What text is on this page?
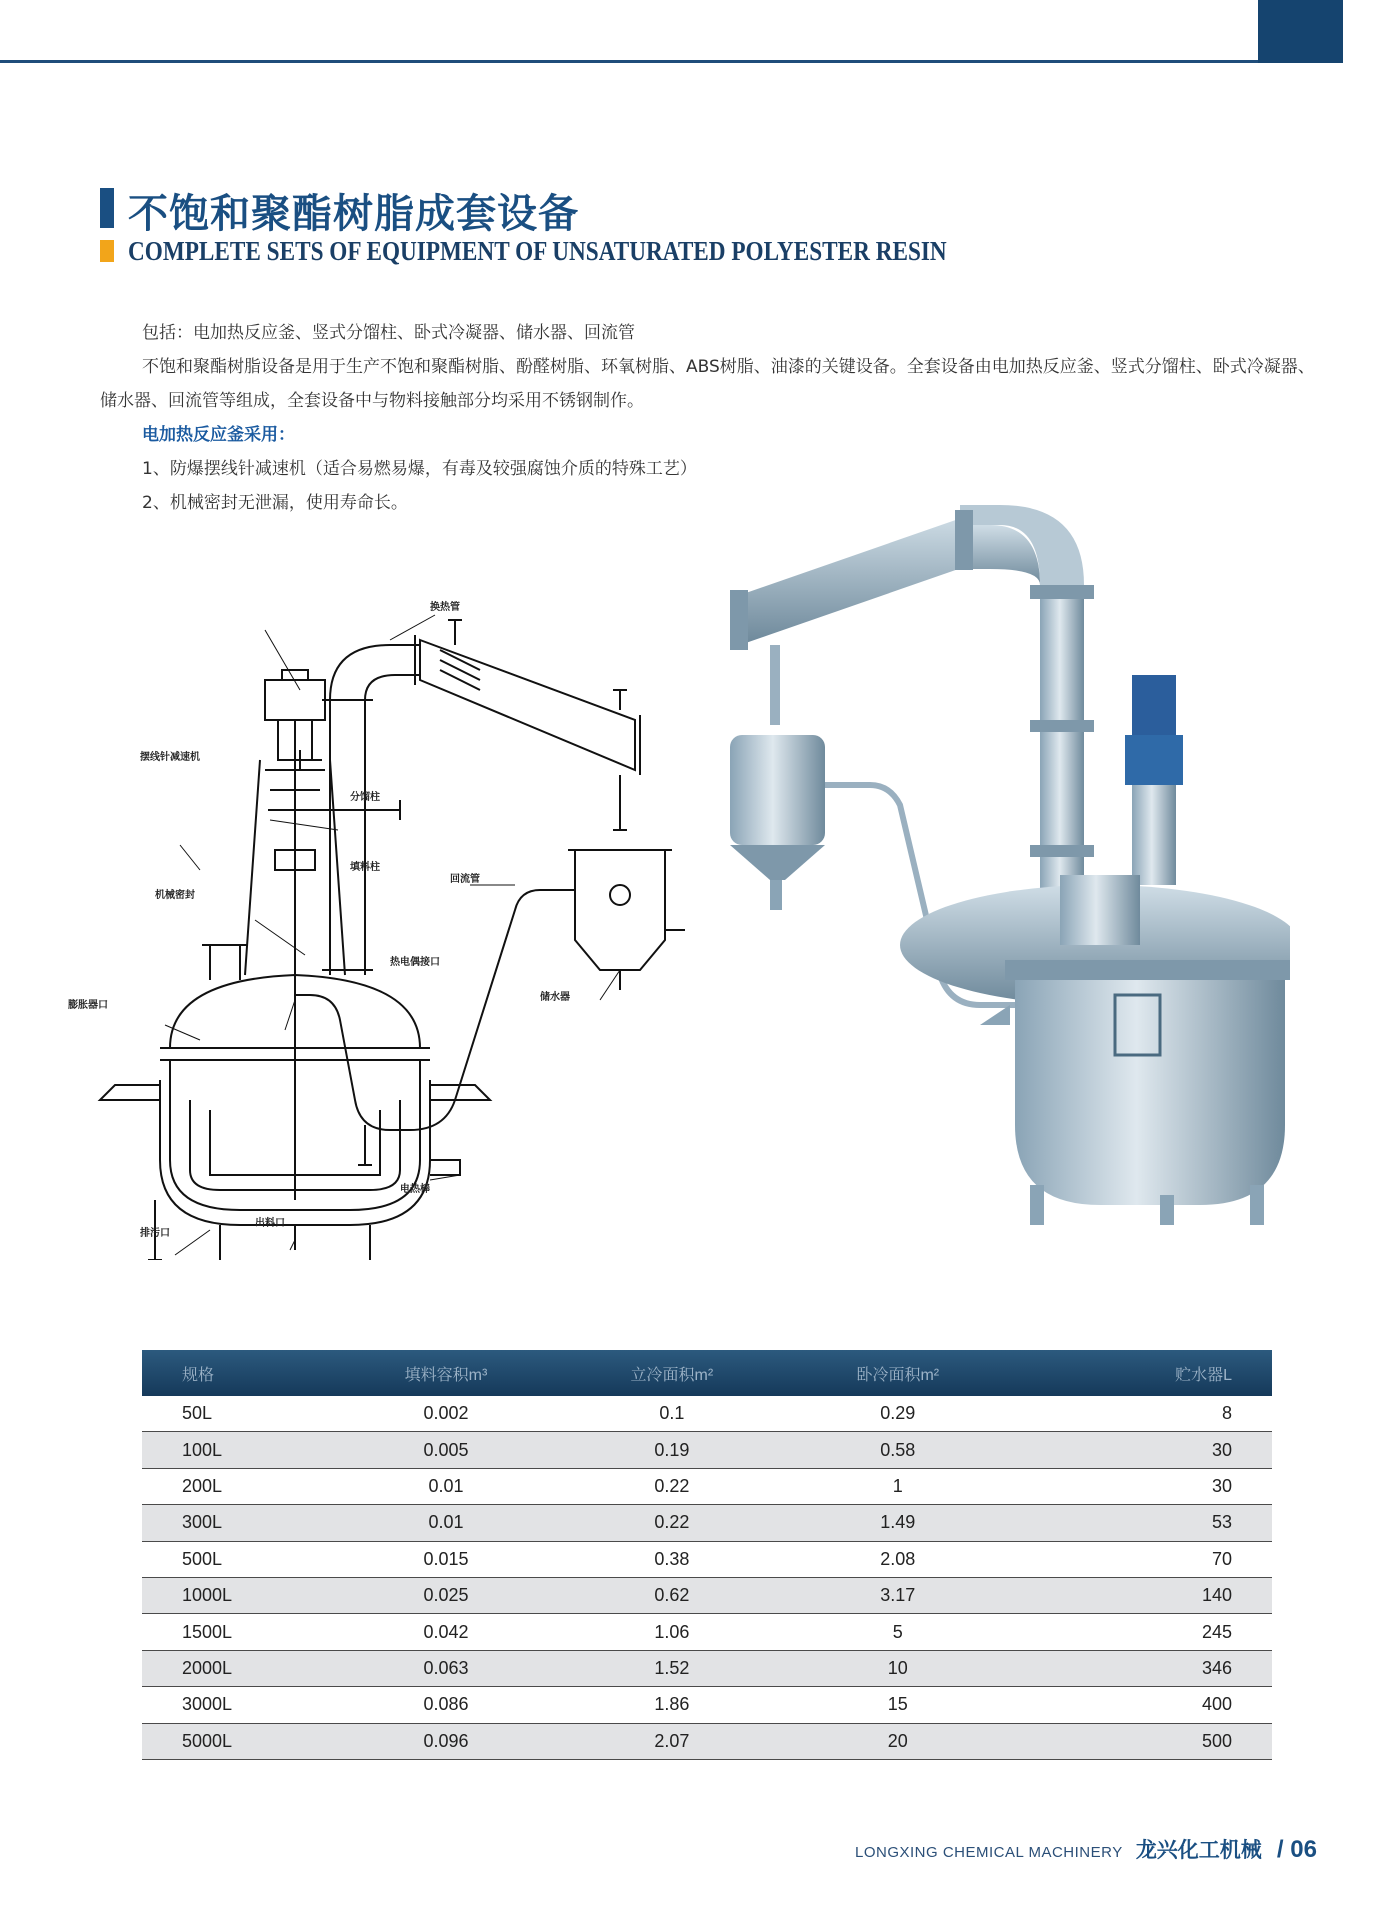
不饱和聚酯树脂成套设备
COMPLETE SETS OF EQUIPMENT OF UNSATURATED POLYESTER RESIN

包括：电加热反应釜、竖式分馏柱、卧式冷凝器、储水器、回流管

不饱和聚酯树脂设备是用于生产不饱和聚酯树脂、酚醛树脂、环氧树脂、ABS树脂、油漆的关键设备。全套设备由电加热反应釜、竖式分馏柱、卧式冷凝器、储水器、回流管等组成，全套设备中与物料接触部分均采用不锈钢制作。

电加热反应釜采用：

1、防爆摆线针减速机（适合易燃易爆，有毒及较强腐蚀介质的特殊工艺）

2、机械密封无泄漏，使用寿命长。

换热管
分馏柱
摆线针减速机
填料柱
机械密封
回流管
热电偶接口
膨胀器口
储水器
电热棒
排污口
出料口
规格	填料容积m³	立冷面积m²	卧冷面积m²	贮水器L
50L	0.002	0.1	0.29	8
100L	0.005	0.19	0.58	30
200L	0.01	0.22	1	30
300L	0.01	0.22	1.49	53
500L	0.015	0.38	2.08	70
1000L	0.025	0.62	3.17	140
1500L	0.042	1.06	5	245
2000L	0.063	1.52	10	346
3000L	0.086	1.86	15	400
5000L	0.096	2.07	20	500
LONGXING CHEMICAL MACHINERY 龙兴化工机械 / 06
